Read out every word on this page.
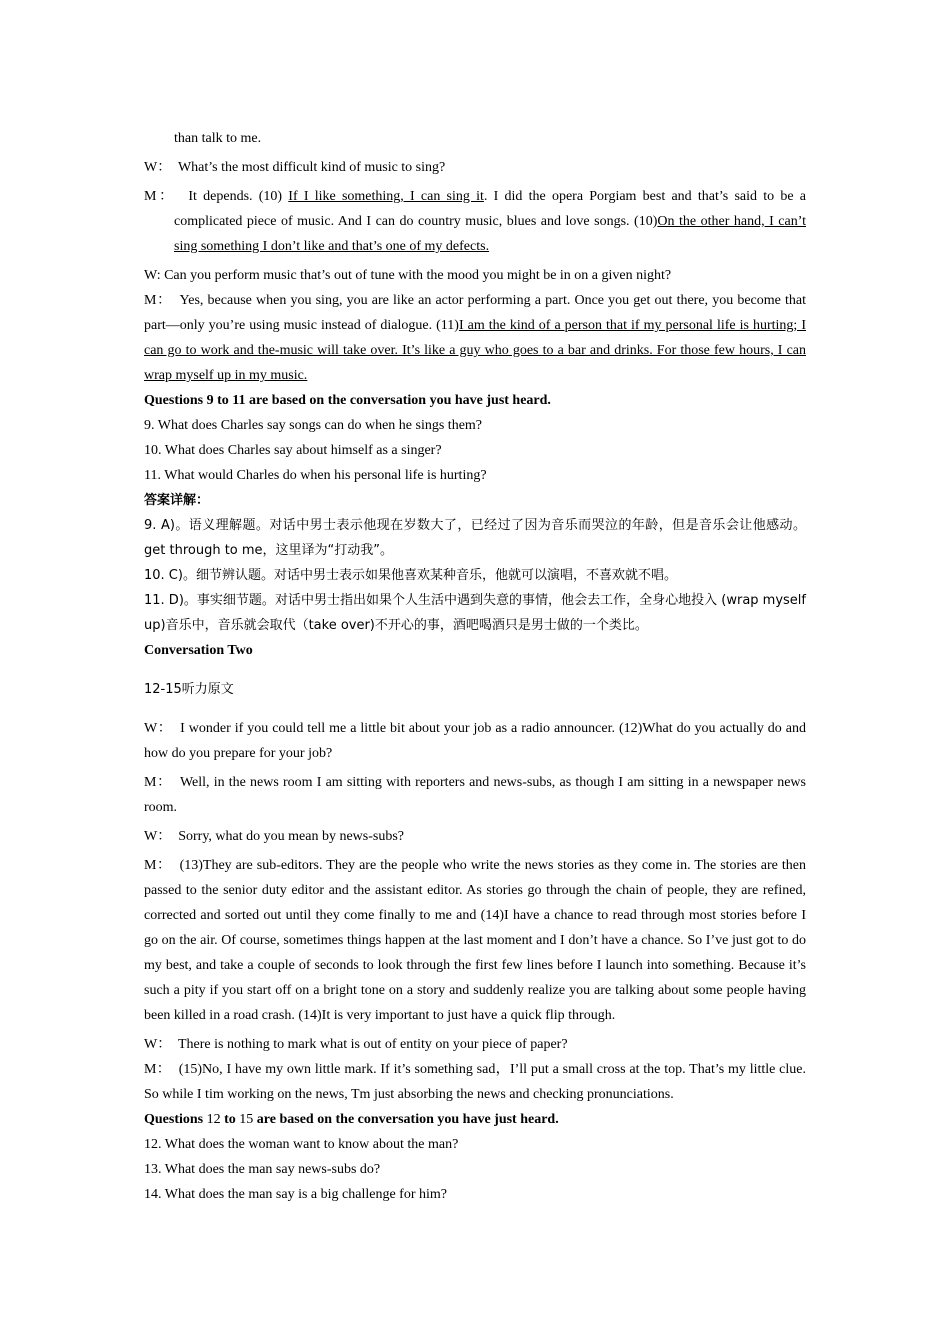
than talk to me.

W： What’s the most difficult kind of music to sing?

M： It depends. (10) If I like something, I can sing it. I did the opera Porgiam best and that’s said to be a complicated piece of music. And I can do country music, blues and love songs. (10)On the other hand, I can’t sing something I don’t like and that’s one of my defects.

W: Can you perform music that’s out of tune with the mood you might be in on a given night?

M： Yes, because when you sing, you are like an actor performing a part. Once you get out there, you become that part—only you’re using music instead of dialogue. (11)I am the kind of a person that if my personal life is hurting; I can go to work and the-music will take over. It’s like a guy who goes to a bar and drinks. For those few hours, I can wrap myself up in my music.

Questions 9 to 11 are based on the conversation you have just heard.

9. What does Charles say songs can do when he sings them?

10. What does Charles say about himself as a singer?

11. What would Charles do when his personal life is hurting?

答案详解：

9. A)。语义理解题。对话中男士表示他现在岁数大了，已经过了因为音乐而哭泣的年龄，但是音乐会让他感动。get through to me，这里译为“打动我”。

10. C)。细节辨认题。对话中男士表示如果他喜欢某种音乐，他就可以演唱，不喜欢就不唱。

11. D)。事实细节题。对话中男士指出如果个人生活中遇到失意的事情，他会去工作，全身心地投入 (wrap myself up)音乐中，音乐就会取代（take over)不开心的事，酒吧喝酒只是男士做的一个类比。

Conversation Two

12-15听力原文

W： I wonder if you could tell me a little bit about your job as a radio announcer. (12)What do you actually do and how do you prepare for your job?

M： Well, in the news room I am sitting with reporters and news-subs, as though I am sitting in a newspaper news room.

W： Sorry, what do you mean by news-subs?

M： (13)They are sub-editors. They are the people who write the news stories as they come in. The stories are then passed to the senior duty editor and the assistant editor. As stories go through the chain of people, they are refined, corrected and sorted out until they come finally to me and (14)I have a chance to read through most stories before I go on the air. Of course, sometimes things happen at the last moment and I don’t have a chance. So I’ve just got to do my best, and take a couple of seconds to look through the first few lines before I launch into something. Because it’s such a pity if you start off on a bright tone on a story and suddenly realize you are talking about some people having been killed in a road crash. (14)It is very important to just have a quick flip through.

W： There is nothing to mark what is out of entity on your piece of paper?

M： (15)No, I have my own little mark. If it’s something sad，I’ll put a small cross at the top. That’s my little clue. So while I tim working on the news, Tm just absorbing the news and checking pronunciations.

Questions 12 to 15 are based on the conversation you have just heard.

12. What does the woman want to know about the man?

13. What does the man say news-subs do?

14. What does the man say is a big challenge for him?
